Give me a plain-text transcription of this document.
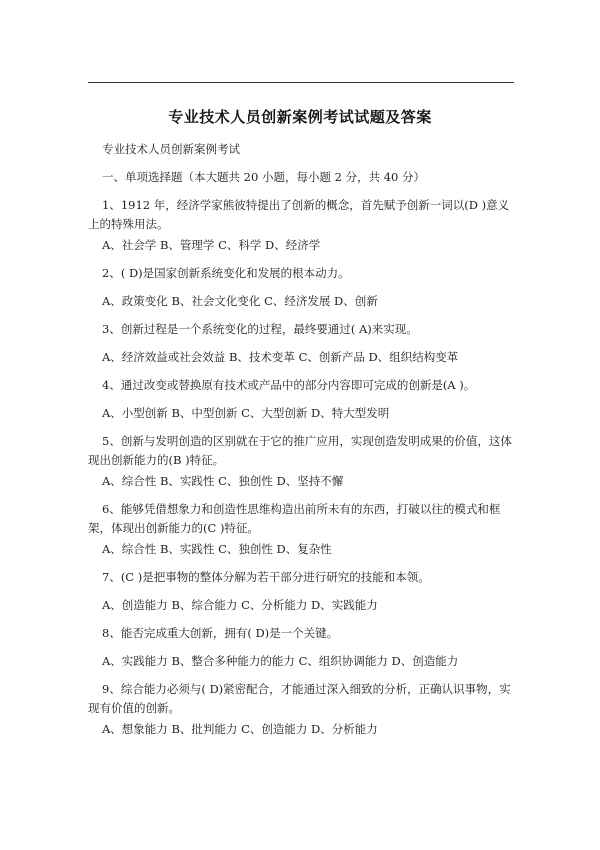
专业技术人员创新案例考试试题及答案
专业技术人员创新案例考试
一、单项选择题（本大题共 20 小题，每小题 2 分，共 40 分）
1、1912 年，经济学家熊彼特提出了创新的概念，首先赋予创新一词以(D )意义上的特殊用法。
A、社会学 B、管理学 C、科学 D、经济学
2、( D)是国家创新系统变化和发展的根本动力。
A、政策变化 B、社会文化变化 C、经济发展 D、创新
3、创新过程是一个系统变化的过程，最终要通过( A)来实现。
A、经济效益或社会效益 B、技术变革 C、创新产品 D、组织结构变革
4、通过改变或替换原有技术或产品中的部分内容即可完成的创新是(A )。
A、小型创新 B、中型创新 C、大型创新 D、特大型发明
5、创新与发明创造的区别就在于它的推广应用，实现创造发明成果的价值，这体现出创新能力的(B )特征。
A、综合性 B、实践性 C、独创性 D、坚持不懈
6、能够凭借想象力和创造性思维构造出前所未有的东西，打破以往的模式和框架，体现出创新能力的(C )特征。
A、综合性 B、实践性 C、独创性 D、复杂性
7、(C )是把事物的整体分解为若干部分进行研究的技能和本领。
A、创造能力 B、综合能力 C、分析能力 D、实践能力
8、能否完成重大创新，拥有( D)是一个关键。
A、实践能力 B、整合多种能力的能力 C、组织协调能力 D、创造能力
9、综合能力必须与( D)紧密配合，才能通过深入细致的分析，正确认识事物，实现有价值的创新。
A、想象能力 B、批判能力 C、创造能力 D、分析能力
